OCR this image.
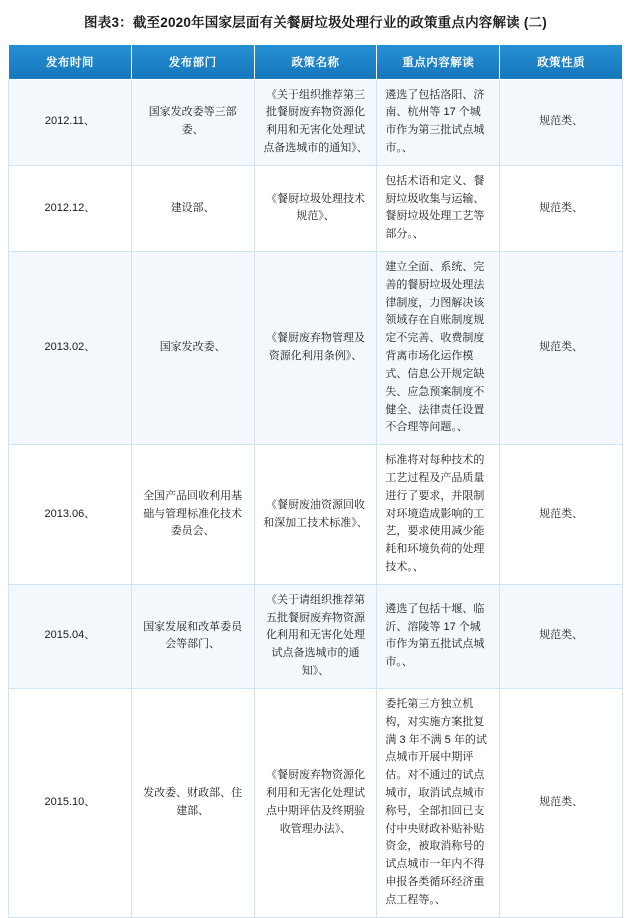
图表3：截至2020年国家层面有关餐厨垃圾处理行业的政策重点内容解读 (二)
发布时间	发布部门	政策名称	重点内容解读	政策性质
2012.11、	国家发改委等三部委、	《关于组织推荐第三批餐厨废弃物资源化利用和无害化处理试点备选城市的通知》、	遴选了包括洛阳、济南、杭州等 17 个城市作为第三批试点城市。、	规范类、
2012.12、	建设部、	《餐厨垃圾处理技术规范》、	包括术语和定义、餐厨垃圾收集与运输、餐厨垃圾处理工艺等部分。、	规范类、
2013.02、	国家发改委、	《餐厨废弃物管理及资源化利用条例》、	建立全面、系统、完善的餐厨垃圾处理法律制度，力图解决该领域存在自账制度规定不完善、收费制度背离市场化运作模式、信息公开规定缺失、应急预案制度不健全、法律责任设置不合理等问题。、	规范类、
2013.06、	全国产品回收利用基础与管理标准化技术委员会、	《餐厨废油资源回收和深加工技术标准》、	标准将对每种技术的工艺过程及产品质量进行了要求，并限制对环境造成影响的工艺，要求使用减少能耗和环境负荷的处理技术。、	规范类、
2015.04、	国家发展和改革委员会等部门、	《关于请组织推荐第五批餐厨废弃物资源化利用和无害化处理试点备选城市的通知》、	遴选了包括十堰、临沂、溶陵等 17 个城市作为第五批试点城市。、	规范类、
2015.10、	发改委、财政部、住建部、	《餐厨废弃物资源化利用和无害化处理试点中期评估及终期验收管理办法》、	委托第三方独立机构，对实施方案批复满 3 年不满 5 年的试点城市开展中期评估。对不通过的试点城市，取消试点城市称号，全部扣回已支付中央财政补贴补贴资金，被取消称号的试点城市一年内不得申报各类循环经济重点工程等。、	规范类、
